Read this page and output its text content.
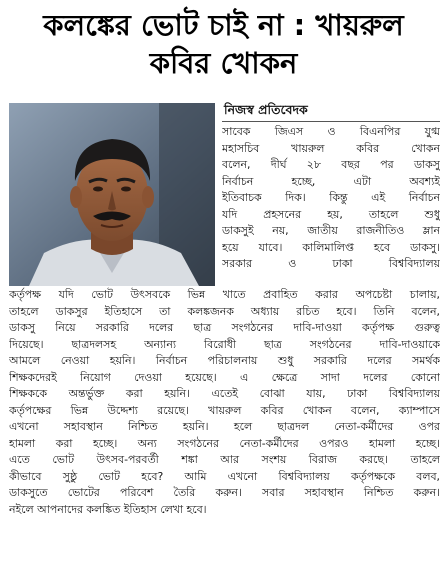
কলঙ্কের ভোট চাই না : খায়রুল
কবির খোকন
নিজস্ব প্রতিবেদক
সাবেক জিএস ও বিএনপির যুগ্ম
মহাসচিব খায়রুল কবির খোকন
বলেন, দীর্ঘ ২৮ বছর পর ডাকসু
নির্বাচন হচ্ছে, এটা অবশ্যই
ইতিবাচক দিক। কিন্তু এই নির্বাচন
যদি প্রহসনের হয়, তাহলে শুধু
ডাকসুই নয়, জাতীয় রাজনীতিও ম্লান
হয়ে যাবে। কালিমালিপ্ত হবে ডাকসু।
সরকার ও ঢাকা বিশ্ববিদ্যালয়
কর্তৃপক্ষ যদি ভোট উৎসবকে ভিন্ন খাতে প্রবাহিত করার অপচেষ্টা চালায়,
তাহলে ডাকসুর ইতিহাসে তা কলঙ্কজনক অধ্যায় রচিত হবে। তিনি বলেন,
ডাকসু নিয়ে সরকারি দলের ছাত্র সংগঠনের দাবি-দাওয়া কর্তৃপক্ষ গুরুত্ব
দিয়েছে। ছাত্রদলসহ অন্যান্য বিরোধী ছাত্র সংগঠনের দাবি-দাওয়াকে
আমলে নেওয়া হয়নি। নির্বাচন পরিচালনায় শুধু সরকারি দলের সমর্থক
শিক্ষকদেরই নিয়োগ দেওয়া হয়েছে। এ ক্ষেত্রে সাদা দলের কোনো
শিক্ষককে অন্তর্ভুক্ত করা হয়নি। এতেই বোঝা যায়, ঢাকা বিশ্ববিদ্যালয়
কর্তৃপক্ষের ভিন্ন উদ্দেশ্য রয়েছে। খায়রুল কবির খোকন বলেন, ক্যাম্পাসে
এখনো সহাবস্থান নিশ্চিত হয়নি। হলে ছাত্রদল নেতা-কর্মীদের ওপর
হামলা করা হচ্ছে। অন্য সংগঠনের নেতা-কর্মীদের ওপরও হামলা হচ্ছে।
এতে ভোট উৎসব-পরবর্তী শঙ্কা আর সংশয় বিরাজ করছে। তাহলে
কীভাবে সুষ্ঠু ভোট হবে? আমি এখনো বিশ্ববিদ্যালয় কর্তৃপক্ষকে বলব,
ডাকসুতে ভোটের পরিবেশ তৈরি করুন। সবার সহাবস্থান নিশ্চিত করুন।
নইলে আপনাদের কলঙ্কিত ইতিহাস লেখা হবে।
